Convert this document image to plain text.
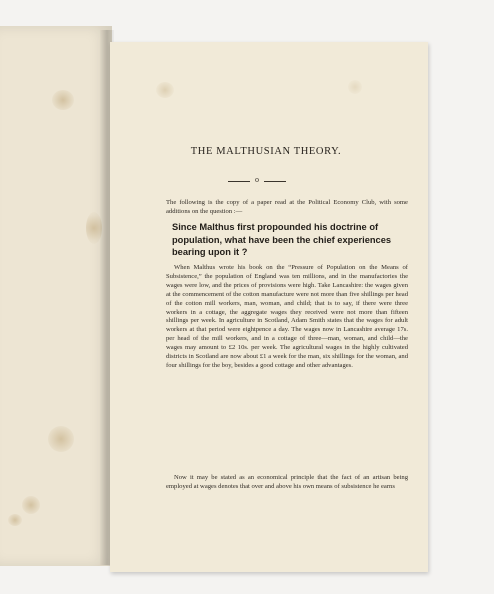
THE MALTHUSIAN THEORY.
o
The following is the copy of a paper read at the Political Economy Club, with some additions on the question :—
Since Malthus first propounded his doctrine of population, what have been the chief experiences bearing upon it ?
When Malthus wrote his book on the “Pressure of Population on the Means of Subsistence,” the population of England was ten millions, and in the manufactories the wages were low, and the prices of provisions were high. Take Lancashire: the wages given at the commencement of the cotton manufacture were not more than five shillings per head of the cotton mill workers, man, woman, and child; that is to say, if there were three workers in a cottage, the aggregate wages they received were not more than fifteen shillings per week. In agriculture in Scotland, Adam Smith states that the wages for adult workers at that period were eightpence a day. The wages now in Lancashire average 17s. per head of the mill workers, and in a cottage of three—man, woman, and child—the wages may amount to £2 10s. per week. The agricultural wages in the highly cultivated districts in Scotland are now about £1 a week for the man, six shillings for the woman, and four shillings for the boy, besides a good cottage and other advantages.
Now it may be stated as an economical principle that the fact of an artisan being employed at wages denotes that over and above his own means of subsistence he earns
